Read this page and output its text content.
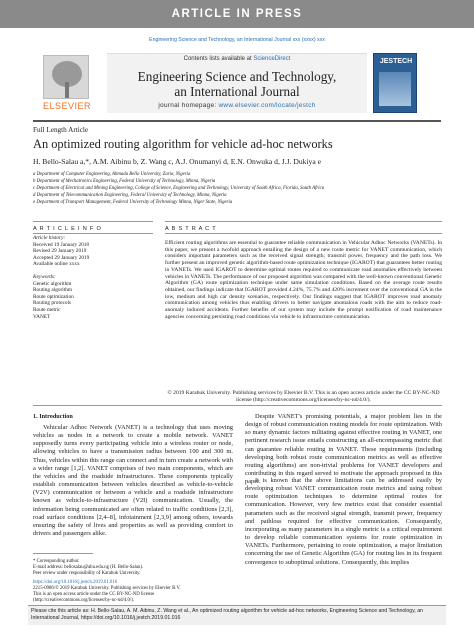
ARTICLE IN PRESS
Engineering Science and Technology, an International Journal xxx (xxxx) xxx
ELSEVIER
Contents lists available at ScienceDirect
Engineering Science and Technology,
an International Journal
journal homepage: www.elsevier.com/locate/jestch
JESTECH
Full Length Article
An optimized routing algorithm for vehicle ad-hoc networks
H. Bello-Salau a,*, A.M. Aibinu b, Z. Wang c, A.J. Onumanyi d, E.N. Onwuka d, J.J. Dukiya e
a Department of Computer Engineering, Ahmadu Bello University, Zaria, Nigeria
b Department of Mechatronics Engineering, Federal University of Technology, Minna, Nigeria
c Department of Electrical and Mining Engineering, College of Science, Engineering and Technology, University of South Africa, Florida, South Africa
d Department of Telecommunication Engineering, Federal University of Technology, Minna, Nigeria
e Department of Transport Management, Federal University of Technology Minna, Niger State, Nigeria
A R T I C L E I N F O	A B S T R A C T
Article history:
Received 19 January 2018
Revised 29 January 2019
Accepted 29 January 2019
Available online xxxx
Keywords:
Genetic algorithm
Routing algorithm
Route optimization
Routing protocols
Route metric
VANET
Efficient routing algorithms are essential to guarantee reliable communication in Vehicular Adhoc Networks (VANETs). In this paper, we present a twofold approach entailing the design of a new route metric for VANET communication, which considers important parameters such as the received signal strength; transmit power, frequency and the path loss. We further present an improved genetic algorithm-based route optimization technique (IGAROT) that guarantees better routing in VANETs. We used IGAROT to determine optimal routes required to communicate road anomalies effectively between vehicles in VANETs. The performance of our proposed algorithm was compared with the well-known conventional Genetic Algorithm (GA) route optimization technique under same simulation conditions. Based on the average route results obtained, our findings indicate that IGAROT provided 4.24%, 75.7% and 420% increment over the conventional GA in the low, medium and high car density scenarios, respectively. Our findings suggest that IGAROT improves road anomaly communication among vehicles thus enabling drivers to better navigate anomalous roads with the aim to reduce road-anomaly induced accidents. Further benefits of our system may include the prompt notification of road maintenance agencies concerning persisting road conditions via vehicle to infrastructure communication.
© 2019 Karabuk University. Publishing services by Elsevier B.V. This is an open access article under the CC BY-NC-ND license (http://creativecommons.org/licenses/by-nc-nd/4.0/).
1. Introduction
Vehicular Adhoc Network (VANET) is a technology that uses moving vehicles as nodes in a network to create a mobile network. VANET supposedly turns every participating vehicle into a wireless router or node, allowing vehicles to have a transmission radius between 100 and 300 m. Thus, vehicles within this range can connect and in turn create a network with a wider range [1,2]. VANET comprises of two main components, which are the vehicles and the roadside infrastructures. These components typically establish communication between vehicles described as vehicle-to-vehicle (V2V) communication or between a vehicle and a roadside infrastructure known as vehicle-to-infrastructure (V2I) communication. Usually, the information being communicated are often related to traffic conditions [2,3], road surface conditions [2,4–8], infotainment [2,3,9] among others, towards ensuring the safety of lives and properties as well as providing comfort to drivers and passengers alike.
Despite VANET's promising potentials, a major problem lies in the design of robust communication routing models for route optimization. With so many dynamic factors militating against effective routing in VANET, one pertinent research issue entails constructing an all-encompassing metric that can guarantee reliable routing in VANET. These requirements (including developing both robust route communication metrics as well as effective routing algorithms) are non-trivial problems for VANET developers and contributing in this regard served to motivate the approach proposed in this paper.
It is known that the above limitations can be addressed easily by developing robust VANET communication route metrics and using robust route optimization techniques to determine optimal routes for communication. However, very few metrics exist that consider essential parameters such as the received signal strength, transmit power, frequency and pathloss required for effective communication. Consequently, incorporating as many parameters in a single metric is a critical requirement to develop reliable communication systems for route optimization in VANETs. Furthermore, pertaining to route optimization, a major limitation concerning the use of Genetic Algorithm (GA) for routing lies in its frequent convergence to suboptimal solutions. Consequently, this implies
* Corresponding author.
E-mail address: bellosalau@abu.edu.ng (H. Bello-Salau).
Peer review under responsibility of Karabuk University.
https://doi.org/10.1016/j.jestch.2019.01.016
2215-0986/© 2019 Karabuk University. Publishing services by Elsevier B.V.
This is an open access article under the CC BY-NC-ND license (http://creativecommons.org/licenses/by-nc-nd/4.0/).
Please cite this article as: H. Bello-Salau, A. M. Aibinu, Z. Wang et al., An optimized routing algorithm for vehicle ad-hoc networks, Engineering Science and Technology, an International Journal, https://doi.org/10.1016/j.jestch.2019.01.016
